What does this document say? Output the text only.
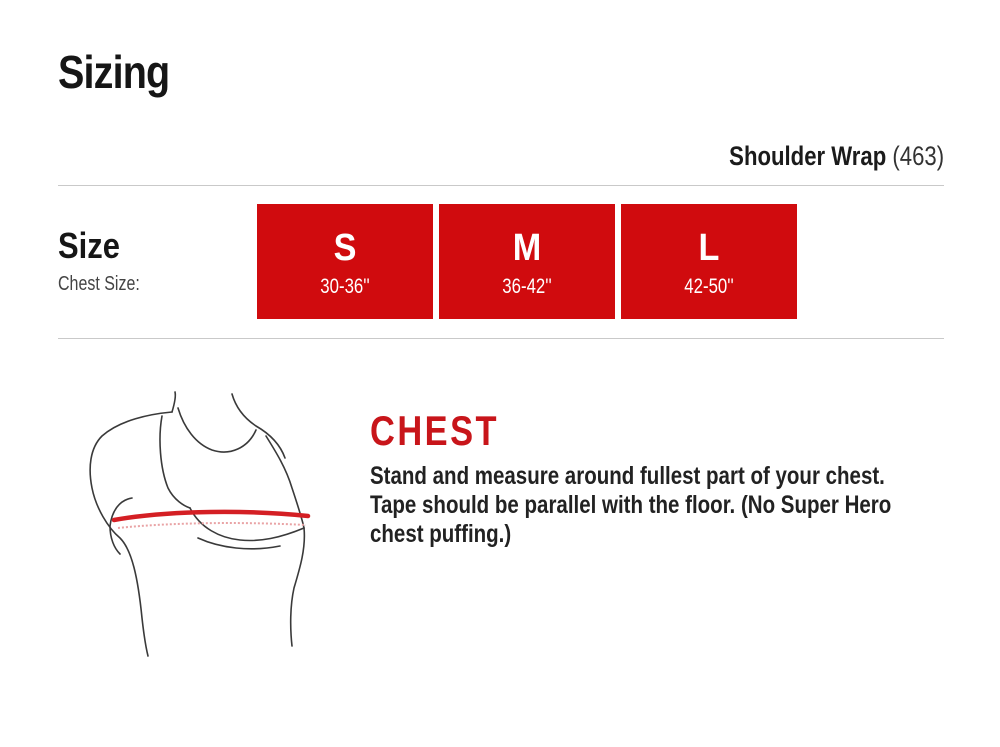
Sizing
Shoulder Wrap (463)
Size
Chest Size:
S
30-36''
M
36-42''
L
42-50''
CHEST
Stand and measure around fullest part of your chest. Tape should be parallel with the floor. (No Super Hero chest puffing.)
